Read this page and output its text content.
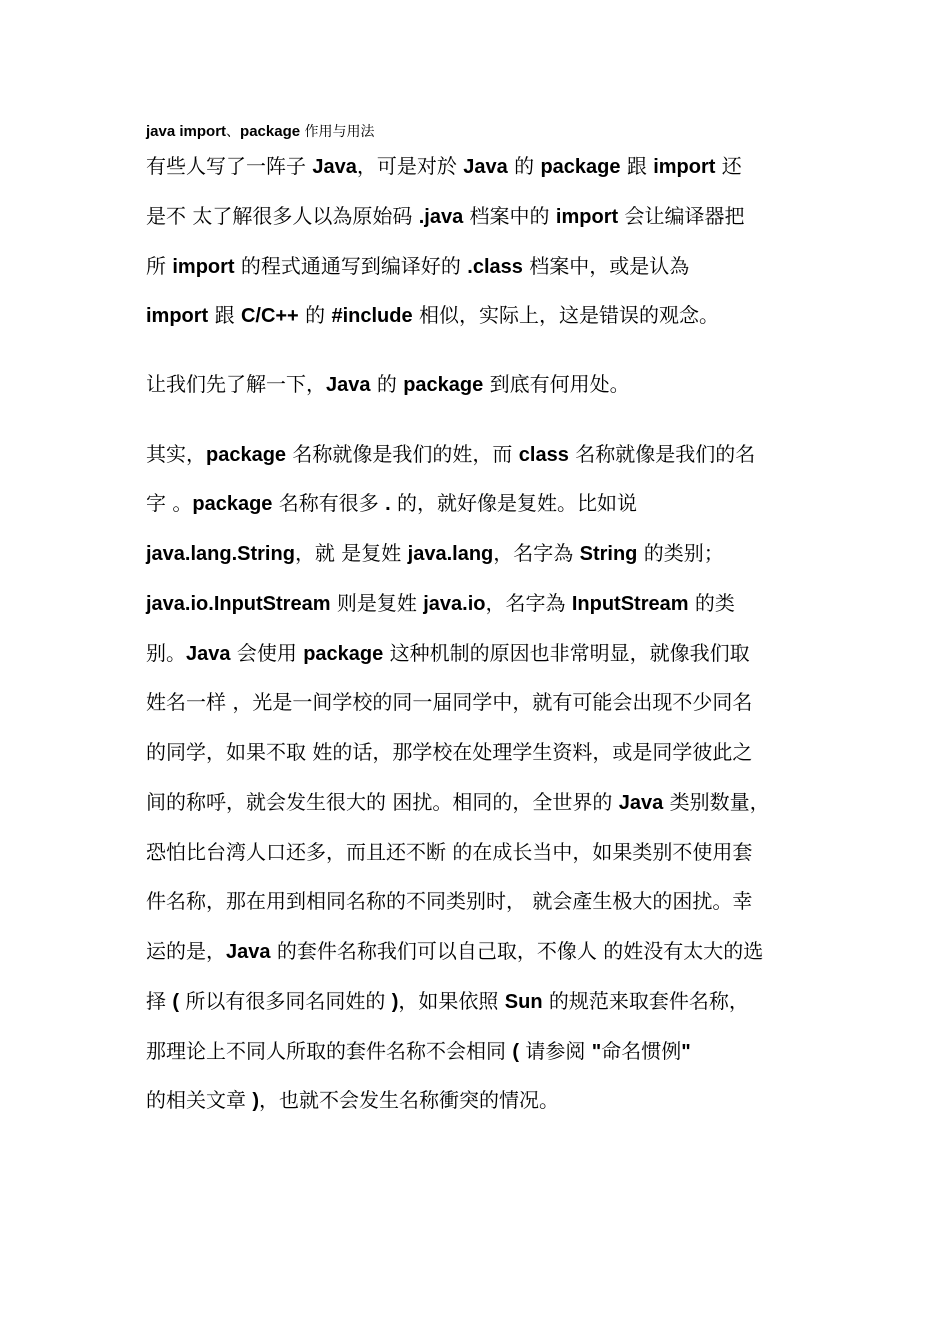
java import、package 作用与用法
有些人写了一阵子 Java，可是对於 Java 的 package 跟 import 还
是不 太了解很多人以為原始码 .java 档案中的 import 会让编译器把
所 import 的程式通通写到编译好的 .class 档案中，或是认為
import 跟 C/C++ 的 #include 相似，实际上，这是错误的观念。
让我们先了解一下，Java 的 package 到底有何用处。
其实，package 名称就像是我们的姓，而 class 名称就像是我们的名
字 。package 名称有很多 . 的，就好像是复姓。比如说
java.lang.String，就 是复姓 java.lang，名字為 String 的类别；
java.io.InputStream 则是复姓 java.io，名字為 InputStream 的类
别。Java 会使用 package 这种机制的原因也非常明显，就像我们取
姓名一样 ，光是一间学校的同一届同学中，就有可能会出现不少同名
的同学，如果不取 姓的话，那学校在处理学生资料，或是同学彼此之
间的称呼，就会发生很大的 困扰。相同的，全世界的 Java 类别数量，
恐怕比台湾人口还多，而且还不断 的在成长当中，如果类别不使用套
件名称，那在用到相同名称的不同类别时， 就会產生极大的困扰。幸
运的是，Java 的套件名称我们可以自己取，不像人 的姓没有太大的选
择 ( 所以有很多同名同姓的 )，如果依照 Sun 的规范来取套件名称，
那理论上不同人所取的套件名称不会相同 ( 请参阅 "命名惯例"
的相关文章 )，也就不会发生名称衝突的情况。
